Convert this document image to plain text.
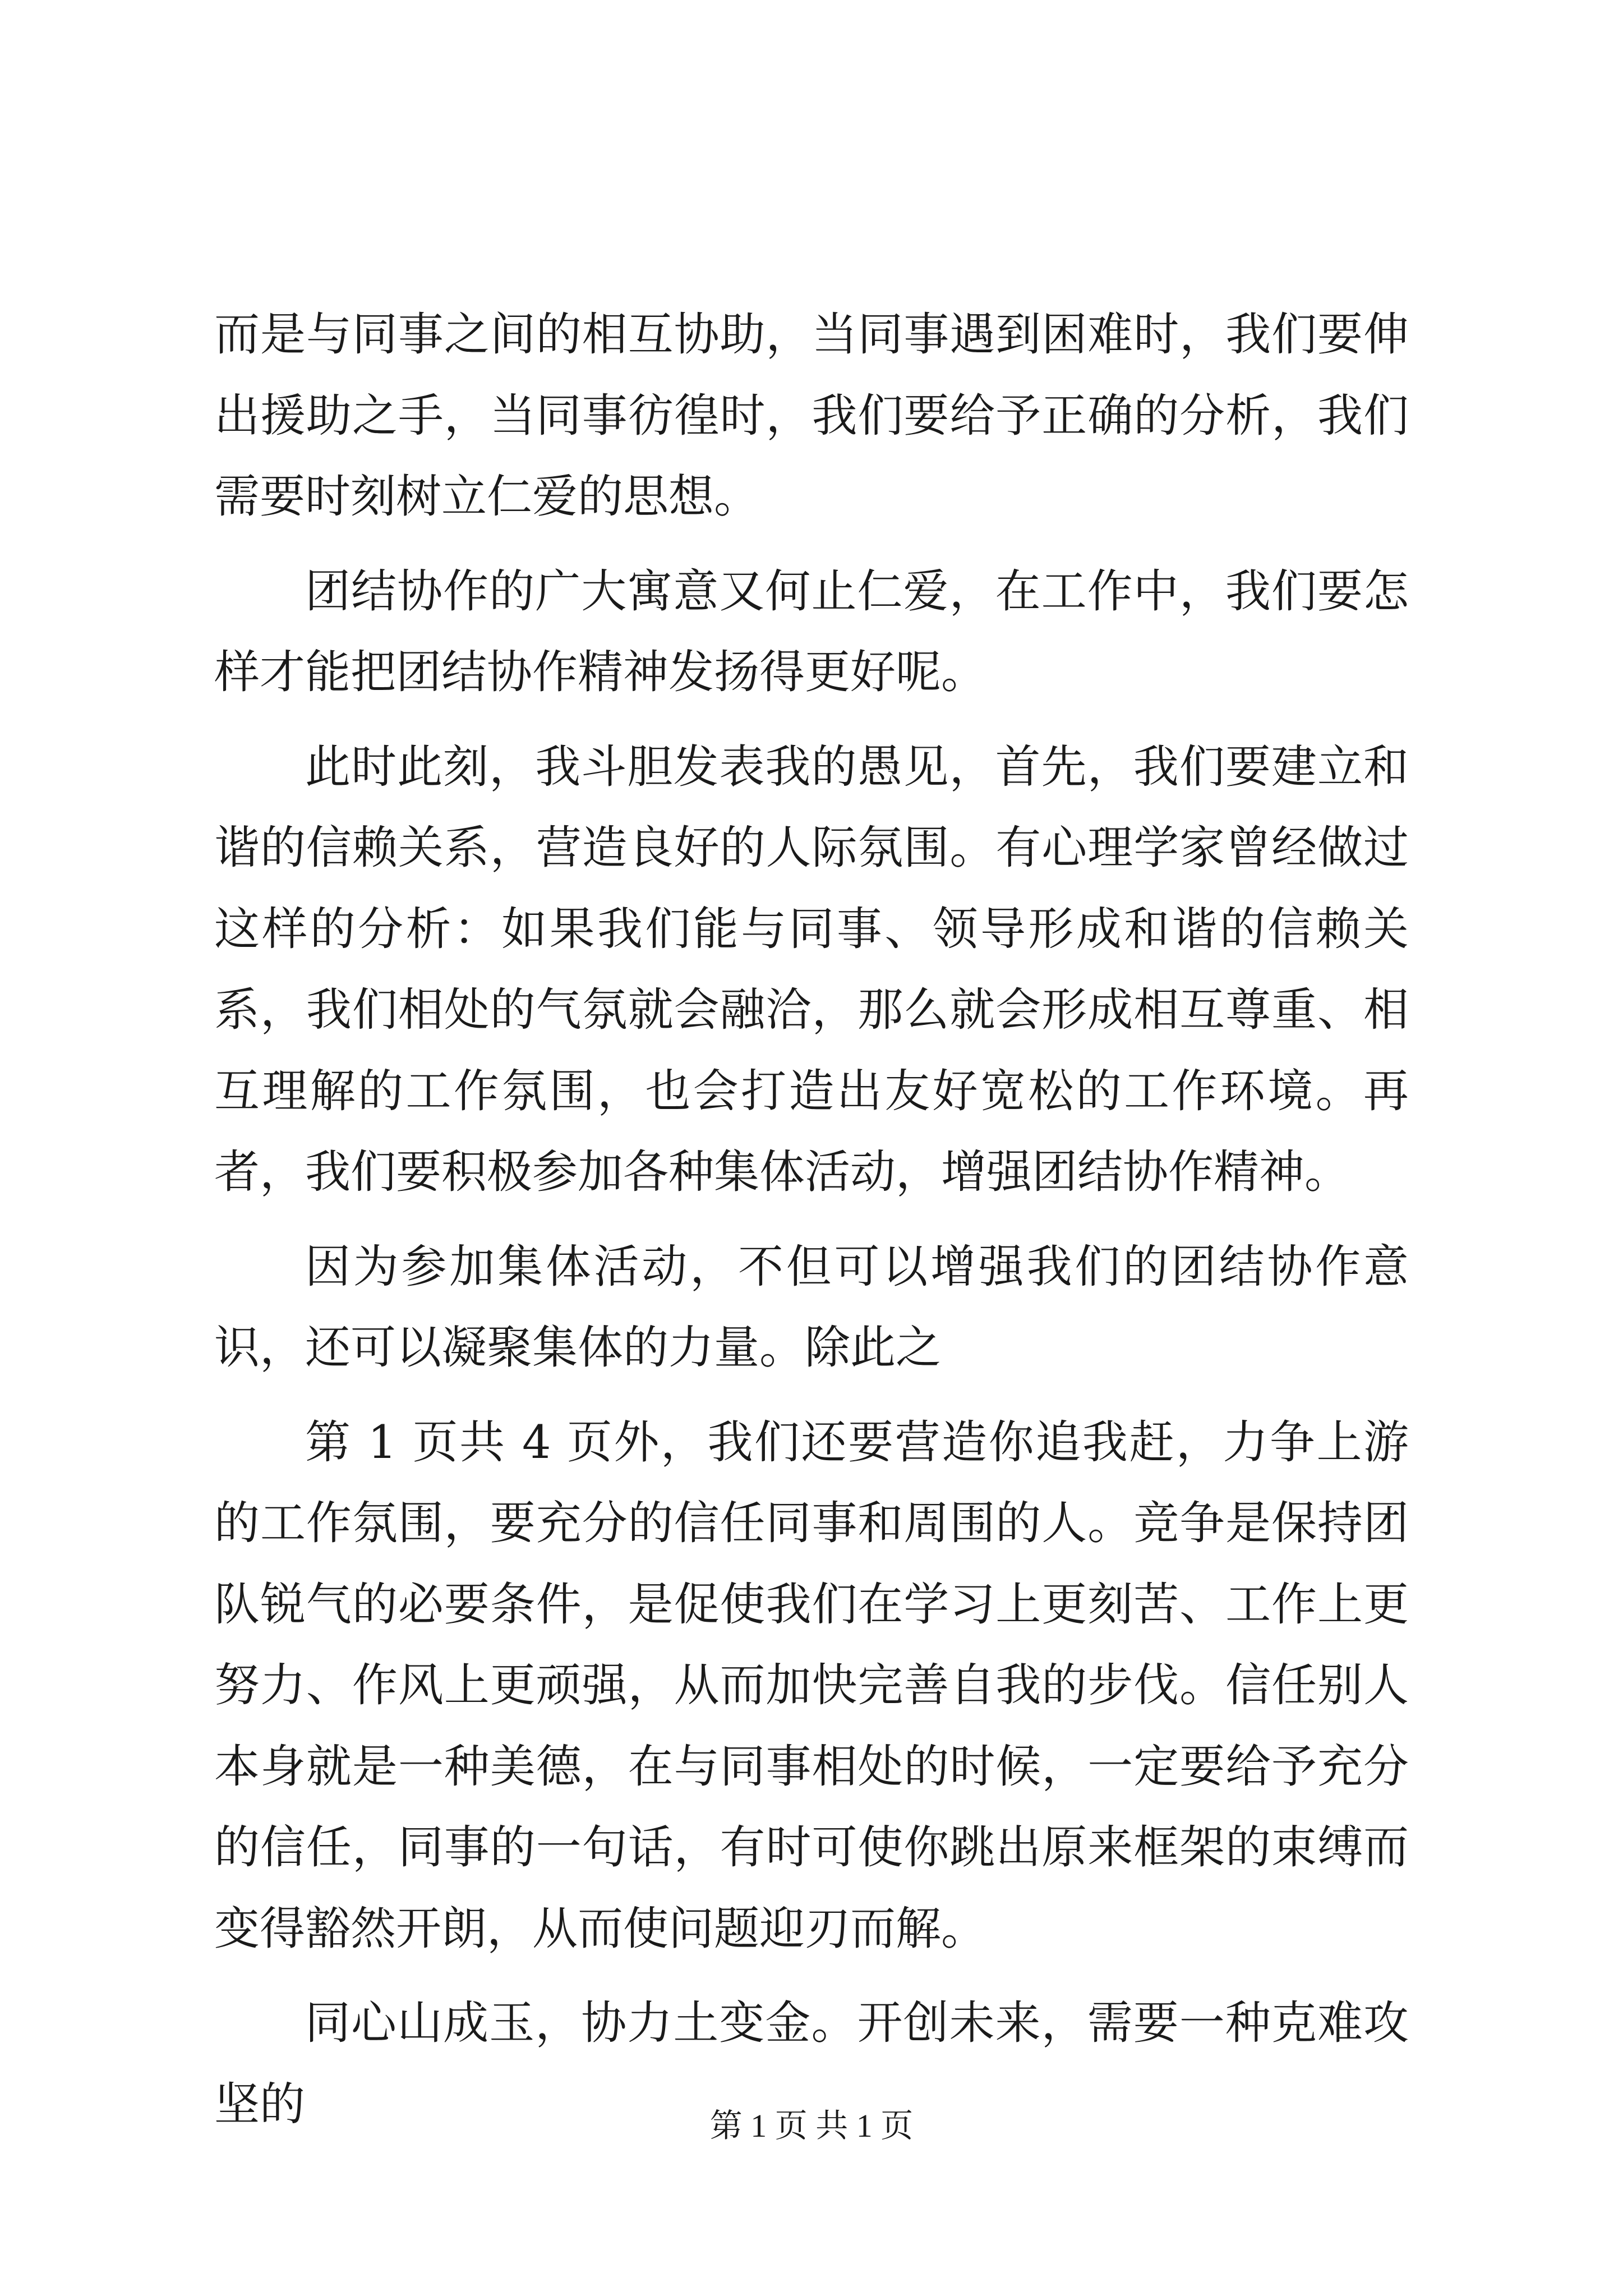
而是与同事之间的相互协助，当同事遇到困难时，我们要伸出援助之手，当同事彷徨时，我们要给予正确的分析，我们需要时刻树立仁爱的思想。

团结协作的广大寓意又何止仁爱，在工作中，我们要怎样才能把团结协作精神发扬得更好呢。

此时此刻，我斗胆发表我的愚见，首先，我们要建立和谐的信赖关系，营造良好的人际氛围。有心理学家曾经做过这样的分析：如果我们能与同事、领导形成和谐的信赖关系，我们相处的气氛就会融洽，那么就会形成相互尊重、相互理解的工作氛围，也会打造出友好宽松的工作环境。再者，我们要积极参加各种集体活动，增强团结协作精神。

因为参加集体活动，不但可以增强我们的团结协作意识，还可以凝聚集体的力量。除此之

第 1 页共 4 页外，我们还要营造你追我赶，力争上游的工作氛围，要充分的信任同事和周围的人。竞争是保持团队锐气的必要条件，是促使我们在学习上更刻苦、工作上更努力、作风上更顽强，从而加快完善自我的步伐。信任别人本身就是一种美德，在与同事相处的时候，一定要给予充分的信任，同事的一句话，有时可使你跳出原来框架的束缚而变得豁然开朗，从而使问题迎刃而解。

同心山成玉，协力土变金。开创未来，需要一种克难攻坚的	第 1 页 共 1 页
